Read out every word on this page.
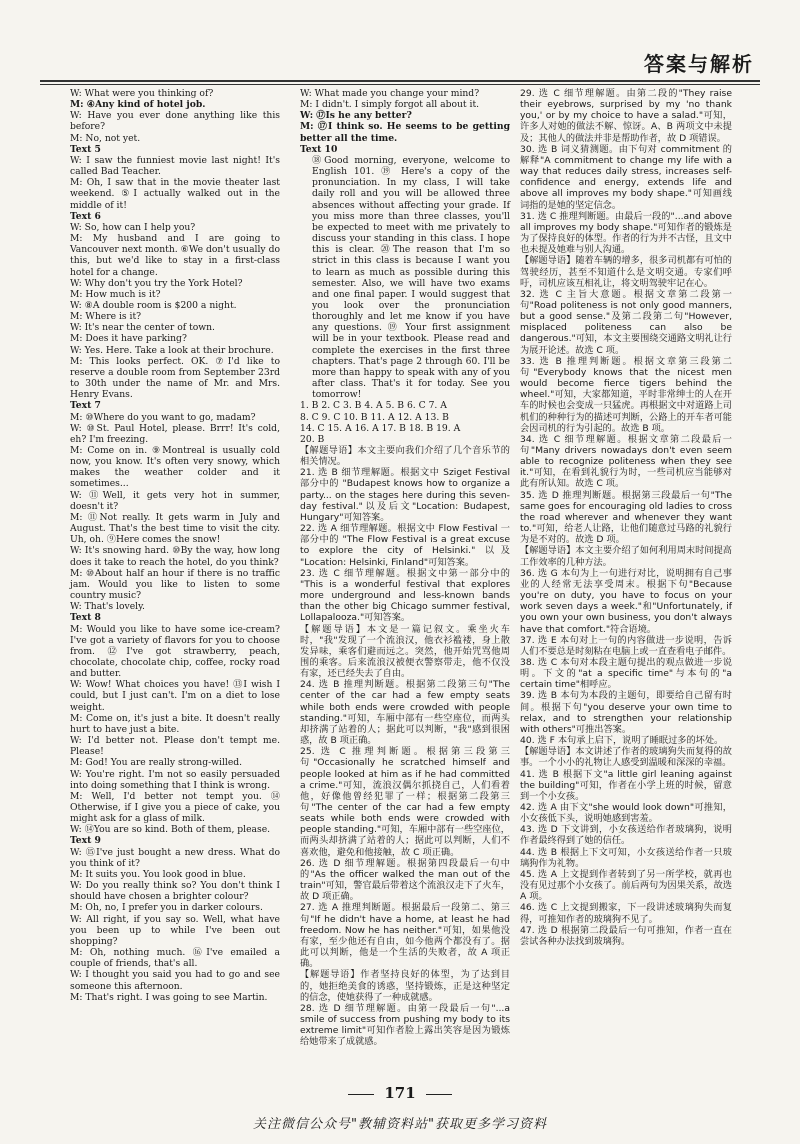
答案与解析

W: What were you thinking of?

M: ④Any kind of hotel job.

W: Have you ever done anything like this before?

M: No, not yet.

Text 5

W: I saw the funniest movie last night! It's called Bad Teacher.

M: Oh, I saw that in the movie theater last weekend. ⑤I actually walked out in the middle of it!

Text 6

W: So, how can I help you?

M: My husband and I are going to Vancouver next month. ⑥We don't usually do this, but we'd like to stay in a first-class hotel for a change.

W: Why don't you try the York Hotel?

M: How much is it?

W: ⑧A double room is $200 a night.

M: Where is it?

W: It's near the center of town.

M: Does it have parking?

W: Yes. Here. Take a look at their brochure.

M: This looks perfect. OK. ⑦I'd like to reserve a double room from September 23rd to 30th under the name of Mr. and Mrs. Henry Evans.

Text 7

M: ⑩Where do you want to go, madam?

W: ⑩St. Paul Hotel, please. Brrr! It's cold, eh? I'm freezing.

M: Come on in. ⑨Montreal is usually cold now, you know. It's often very snowy, which makes the weather colder and it sometimes...

W: ⑪Well, it gets very hot in summer, doesn't it?

M: ⑪Not really. It gets warm in July and August. That's the best time to visit the city. Uh, oh. ⑨Here comes the snow!

W: It's snowing hard. ⑩By the way, how long does it take to reach the hotel, do you think?

M: ⑩About half an hour if there is no traffic jam. Would you like to listen to some country music?

W: That's lovely.

Text 8

M: Would you like to have some ice-cream? I've got a variety of flavors for you to choose from. ⑫I've got strawberry, peach, chocolate, chocolate chip, coffee, rocky road and butter.

W: Wow! What choices you have! ⑬I wish I could, but I just can't. I'm on a diet to lose weight.

M: Come on, it's just a bite. It doesn't really hurt to have just a bite.

W: I'd better not. Please don't tempt me. Please!

M: God! You are really strong-willed.

W: You're right. I'm not so easily persuaded into doing something that I think is wrong.

M: Well, I'd better not tempt you. ⑭ Otherwise, if I give you a piece of cake, you might ask for a glass of milk.

W: ⑭You are so kind. Both of them, please.

Text 9

W: ⑮I've just bought a new dress. What do you think of it?

M: It suits you. You look good in blue.

W: Do you really think so? You don't think I should have chosen a brighter colour?

M: Oh, no, I prefer you in darker colours.

W: All right, if you say so. Well, what have you been up to while I've been out shopping?

M: Oh, nothing much. ⑯I've emailed a couple of friends, that's all.

W: I thought you said you had to go and see someone this afternoon.

M: That's right. I was going to see Martin.

W: What made you change your mind?

M: I didn't. I simply forgot all about it.

W: ⑰Is he any better?

M: ⑰I think so. He seems to be getting better all the time.

Text 10

⑱Good morning, everyone, welcome to English 101. ⑲ Here's a copy of the pronunciation. In my class, I will take daily roll and you will be allowed three absences without affecting your grade. If you miss more than three classes, you'll be expected to meet with me privately to discuss your standing in this class. I hope this is clear. ⑳The reason that I'm so strict in this class is because I want you to learn as much as possible during this semester. Also, we will have two exams and one final paper. I would suggest that you look over the pronunciation thoroughly and let me know if you have any questions. ⑲ Your first assignment will be in your textbook. Please read and complete the exercises in the first three chapters. That's page 2 through 60. I'll be more than happy to speak with any of you after class. That's it for today. See you tomorrow!

1. B 2. C 3. B 4. A 5. B 6. C 7. A

8. C 9. C 10. B 11. A 12. A 13. B

14. C 15. A 16. A 17. B 18. B 19. A

20. B

【解题导语】本文主要向我们介绍了几个音乐节的相关情况。

21. 选 B 细节理解题。根据文中 Sziget Festival 部分中的 "Budapest knows how to organize a party... on the stages here during this seven-day festival."以及后文"Location: Budapest, Hungary"可知答案。

22. 选 A 细节理解题。根据文中 Flow Festival 一部分中的 "The Flow Festival is a great excuse to explore the city of Helsinki." 以及 "Location: Helsinki, Finland"可知答案。

23. 选 C 细节理解题。根据文中第一部分中的 "This is a wonderful festival that explores more underground and less-known bands than the other big Chicago summer festival, Lollapalooza."可知答案。

【解题导语】本文是一篇记叙文。乘坐火车时，"我"发现了一个流浪汉，他衣衫褴褛，身上散发异味，乘客们避而远之。突然，他开始咒骂他周围的乘客。后来流浪汉被便衣警察带走，他不仅没有家，还已经失去了自由。

24. 选 B 推理判断题。根据第二段第三句"The center of the car had a few empty seats while both ends were crowded with people standing."可知，车厢中部有一些空座位，而两头却挤满了站着的人；据此可以判断，"我"感到很困惑，故 B 项正确。

25. 选 C 推理判断题。根据第三段第三句"Occasionally he scratched himself and people looked at him as if he had committed a crime."可知，流浪汉偶尔抓挠自己，人们看着他，好像他曾经犯罪了一样；根据第二段第三句"The center of the car had a few empty seats while both ends were crowded with people standing."可知，车厢中部有一些空座位，而两头却挤满了站着的人；据此可以判断，人们不喜欢他，避免和他接触，故 C 项正确。

26. 选 D 细节理解题。根据第四段最后一句中的"As the officer walked the man out of the train"可知，警官最后带着这个流浪汉走下了火车，故 D 项正确。

27. 选 A 推理判断题。根据最后一段第二、第三句"If he didn't have a home, at least he had freedom. Now he has neither."可知，如果他没有家，至少他还有自由，如今他两个都没有了。据此可以判断，他是一个生活的失败者，故 A 项正确。

【解题导语】作者坚持良好的体型，为了达到目的，她拒绝美食的诱惑，坚持锻炼，正是这种坚定的信念，使她获得了一种成就感。

28. 选 D 细节理解题。由第一段最后一句"...a smile of success from pushing my body to its extreme limit"可知作者脸上露出笑容是因为锻炼给她带来了成就感。

29. 选 C 细节理解题。由第二段的"They raise their eyebrows, surprised by my 'no thank you,' or by my choice to have a salad."可知，许多人对她的做法不解、惊讶。A、B 两项文中未提及；其他人的做法并非是帮助作者，故 D 项错误。

30. 选 B 词义猜测题。由下句对 commitment 的解释"A commitment to change my life with a way that reduces daily stress, increases self-confidence and energy, extends life and above all improves my body shape."可知画线词指的是她的坚定信念。

31. 选 C 推理判断题。由最后一段的"...and above all improves my body shape."可知作者的锻炼是为了保持良好的体型。作者的行为并不古怪，且文中也未提及她难与别人沟通。

【解题导语】随着车辆的增多，很多司机都有可怕的驾驶经历，甚至不知道什么是文明交通。专家们呼吁，司机应该互相礼让，将文明驾驶牢记在心。

32. 选 C 主旨大意题。根据文章第二段第一句"Road politeness is not only good manners, but a good sense."及第二段第二句"However, misplaced politeness can also be dangerous."可知，本文主要围绕交通路文明礼让行为展开论述。故选 C 项。

33. 选 B 推理判断题。根据文章第三段第二句"Everybody knows that the nicest men would become fierce tigers behind the wheel."可知，大家都知道，平时非常绅士的人在开车的时候也会变成一只猛虎。再根据文中对道路上司机们的种种行为的描述可判断，公路上的开车者可能会因司机的行为引起的。故选 B 项。

34. 选 C 细节理解题。根据文章第二段最后一句"Many drivers nowadays don't even seem able to recognize politeness when they see it."可知，在看到礼貌行为时，一些司机应当能够对此有所认知。故选 C 项。

35. 选 D 推理判断题。根据第三段最后一句"The same goes for encouraging old ladies to cross the road wherever and whenever they want to."可知，给老人让路，让他们随意过马路的礼貌行为是不对的。故选 D 项。

【解题导语】本文主要介绍了如何利用周末时间提高工作效率的几种方法。

36. 选 G 本句为上一句进行对比，说明拥有自己事业的人经常无法享受周末。根据下句"Because you're on duty, you have to focus on your work seven days a week."和"Unfortunately, if you own your own business, you don't always have that comfort."符合语境。

37. 选 E 本句对上一句的内容做进一步说明，告诉人们不要总是时刻粘在电脑上或一直查看电子邮件。

38. 选 C 本句对本段主题句提出的观点做进一步说明。下文的"at a specific time"与本句的"a certain time"相呼应。

39. 选 B 本句为本段的主题句，即要给自己留有时间。根据下句"you deserve your own time to relax, and to strengthen your relationship with others"可推出答案。

40. 选 F 本句承上启下，说明了睡眠过多的坏处。

【解题导语】本文讲述了作者的玻璃狗失而复得的故事。一个小小的礼物让人感受到温暖和深深的幸福。

41. 选 B 根据下文"a little girl leaning against the building"可知，作者在小学上班的时候，留意到一个小女孩。

42. 选 A 由下文"she would look down"可推知，小女孩低下头，说明她感到害羞。

43. 选 D 下文讲到，小女孩送给作者玻璃狗，说明作者最终得到了她的信任。

44. 选 B 根据上下文可知，小女孩送给作者一只玻璃狗作为礼物。

45. 选 A 上文提到作者转到了另一所学校，就再也没有见过那个小女孩了。前后两句为因果关系，故选 A 项。

46. 选 C 上文提到搬家，下一段讲述玻璃狗失而复得，可推知作者的玻璃狗不见了。

47. 选 D 根据第二段最后一句可推知，作者一直在尝试各种办法找到玻璃狗。

171
关注微信公众号"教辅资料站"获取更多学习资料
